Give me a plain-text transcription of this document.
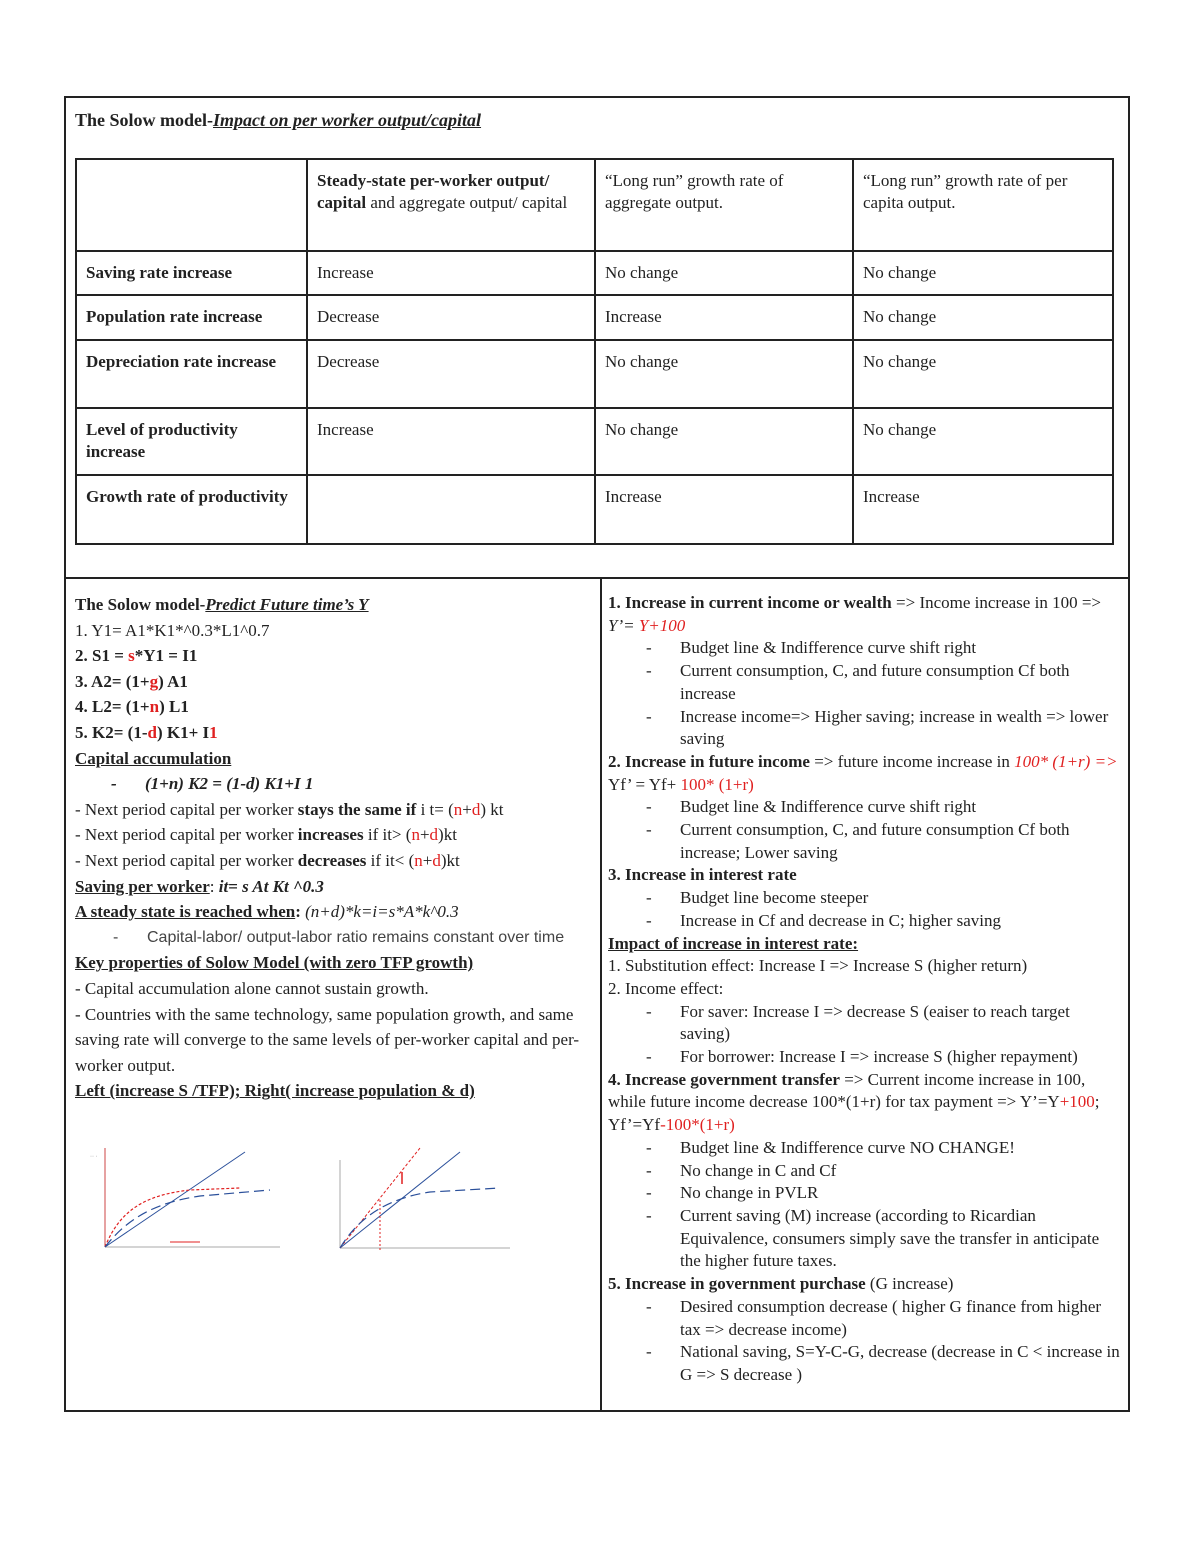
The Solow model-Impact on per worker output/capital
	Steady-state per-worker output/ capital and aggregate output/ capital	“Long run” growth rate of aggregate output.	“Long run” growth rate of per capita output.
Saving rate increase	Increase	No change	No change
Population rate increase	Decrease	Increase	No change
Depreciation rate increase	Decrease	No change	No change
Level of productivity increase	Increase	No change	No change
Growth rate of productivity		Increase	Increase
The Solow model-Predict Future time’s Y
1. Y1= A1*K1*^0.3*L1^0.7
2. S1 = s*Y1 = I1
3. A2= (1+g) A1
4. L2= (1+n) L1
5. K2= (1-d) K1+ I1
Capital accumulation
- (1+n) K2 = (1-d) K1+I 1
- Next period capital per worker stays the same if i t= (n+d) kt
- Next period capital per worker increases if it> (n+d)kt
- Next period capital per worker decreases if it< (n+d)kt
Saving per worker: it= s At Kt ^0.3
A steady state is reached when: (n+d)*k=i=s*A*k^0.3
- Capital-labor/ output-labor ratio remains constant over time
Key properties of Solow Model (with zero TFP growth)
- Capital accumulation alone cannot sustain growth.
- Countries with the same technology, same population growth, and same saving rate will converge to the same levels of per-worker capital and per-worker output.
Left (increase S /TFP); Right( increase population & d)
·· ·
1. Increase in current income or wealth => Income increase in 100 => Y’= Y+100
- Budget line & Indifference curve shift right
- Current consumption, C, and future consumption Cf both increase
- Increase income=> Higher saving; increase in wealth => lower saving
2. Increase in future income => future income increase in 100* (1+r) => Yf’ = Yf+ 100* (1+r)
- Budget line & Indifference curve shift right
- Current consumption, C, and future consumption Cf both increase; Lower saving
3. Increase in interest rate
- Budget line become steeper
- Increase in Cf and decrease in C; higher saving
Impact of increase in interest rate:
1. Substitution effect: Increase I => Increase S (higher return)
2. Income effect:
- For saver: Increase I => decrease S (eaiser to reach target saving)
- For borrower: Increase I => increase S (higher repayment)
4. Increase government transfer => Current income increase in 100, while future income decrease 100*(1+r) for tax payment => Y’=Y+100; Yf’=Yf-100*(1+r)
- Budget line & Indifference curve NO CHANGE!
- No change in C and Cf
- No change in PVLR
- Current saving (M) increase (according to Ricardian Equivalence, consumers simply save the transfer in anticipate the higher future taxes.
5. Increase in government purchase (G increase)
- Desired consumption decrease ( higher G finance from higher tax => decrease income)
- National saving, S=Y-C-G, decrease (decrease in C < increase in G => S decrease )
